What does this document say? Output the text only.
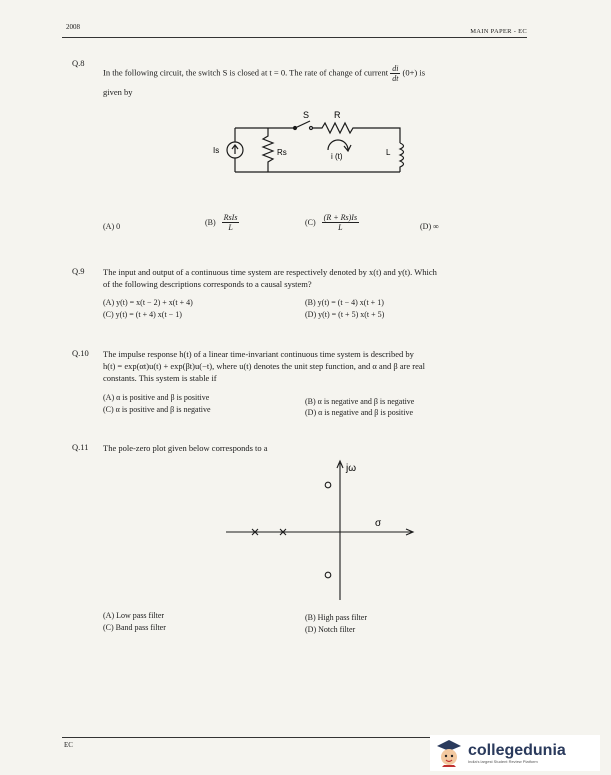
2008
MAIN PAPER - EC
Q.8
In the following circuit, the switch S is closed at t = 0. The rate of change of current $\frac{di}{dt} (0+)$ is
given by
S	R
Is	Rs	i (t)	L
(A) 0	$(B) \frac{\text{RsIs}}{L}$	$(C) \frac{(R + Rs)Is}{L}$	(D) ∞
Q.9 The input and output of a continuous time system are respectively denoted by x(t) and y(t). Which
of the following descriptions corresponds to a causal system?
(A) y(t) = x(t − 2) + x(t + 4)	(B) y(t) = (t − 4) x(t + 1)
(C) y(t) = (t + 4) x(t − 1)	(D) y(t) = (t + 5) x(t + 5)
Q.10 The impulse response h(t) of a linear time-invariant continuous time system is described by
h(t) = exp(αt)u(t) + exp(βt)u(−t), where u(t) denotes the unit step function, and α and β are real
constants. This system is stable if
(A) α is positive and β is positive	(B) α is negative and β is negative
(C) α is positive and β is negative	(D) α is negative and β is positive
Q.11 The pole-zero plot given below corresponds to a
jω
σ
(A) Low pass filter	(B) High pass filter
(C) Band pass filter	(D) Notch filter
EC	collegedunia
India's largest Student Review Platform
